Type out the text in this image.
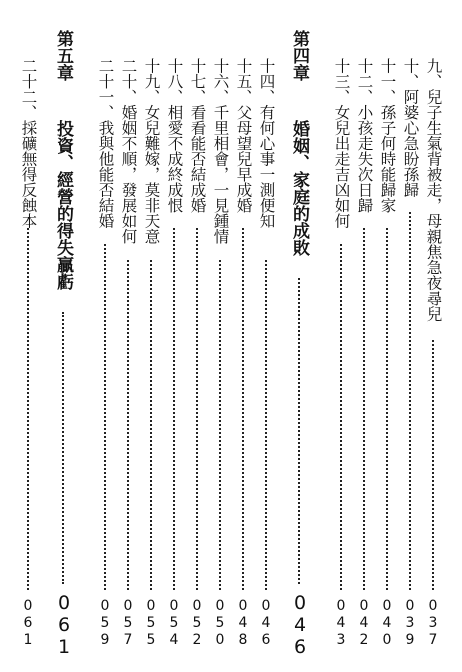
九、兒子生氣背被走，母親焦急夜尋兒
037
十、阿婆心急盼孫歸
039
十一、孫子何時能歸家
040
十二、小孩走失次日歸
042
十三、女兒出走吉凶如何
043
第四章
婚姻、家庭的成敗
046
十四、有何心事一測便知
046
十五、父母望兒早成婚
048
十六、千里相會，一見鍾情
050
十七、看看能否結成婚
052
十八、相愛不成終成恨
054
十九、女兒難嫁，莫非天意
055
二十、婚姻不順，發展如何
057
二十一、我與他能否結婚
059
第五章
投資、經營的得失贏虧
061
二十二、採礦無得反蝕本
061
